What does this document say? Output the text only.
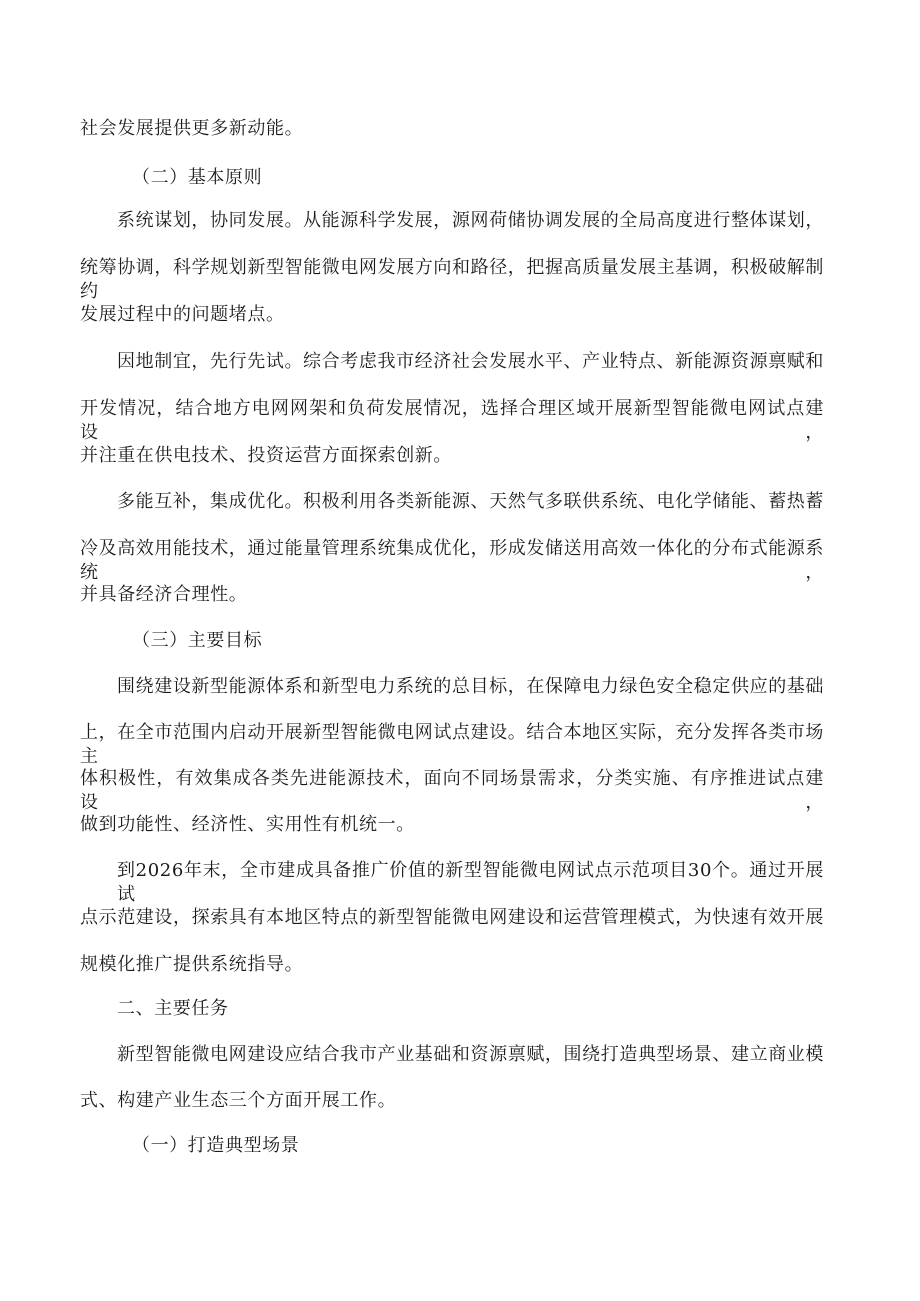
社会发展提供更多新动能。
（二）基本原则
系统谋划，协同发展。从能源科学发展，源网荷储协调发展的全局高度进行整体谋划，
统筹协调，科学规划新型智能微电网发展方向和路径，把握高质量发展主基调，积极破解制约
发展过程中的问题堵点。
因地制宜，先行先试。综合考虑我市经济社会发展水平、产业特点、新能源资源禀赋和
开发情况，结合地方电网网架和负荷发展情况，选择合理区域开展新型智能微电网试点建设，
并注重在供电技术、投资运营方面探索创新。
多能互补，集成优化。积极利用各类新能源、天然气多联供系统、电化学储能、蓄热蓄
冷及高效用能技术，通过能量管理系统集成优化，形成发储送用高效一体化的分布式能源系统，
并具备经济合理性。
（三）主要目标
围绕建设新型能源体系和新型电力系统的总目标，在保障电力绿色安全稳定供应的基础
上，在全市范围内启动开展新型智能微电网试点建设。结合本地区实际，充分发挥各类市场主
体积极性，有效集成各类先进能源技术，面向不同场景需求，分类实施、有序推进试点建设，
做到功能性、经济性、实用性有机统一。
到2026年末，全市建成具备推广价值的新型智能微电网试点示范项目30个。通过开展试
点示范建设，探索具有本地区特点的新型智能微电网建设和运营管理模式，为快速有效开展
规模化推广提供系统指导。
二、主要任务
新型智能微电网建设应结合我市产业基础和资源禀赋，围绕打造典型场景、建立商业模
式、构建产业生态三个方面开展工作。
（一）打造典型场景
